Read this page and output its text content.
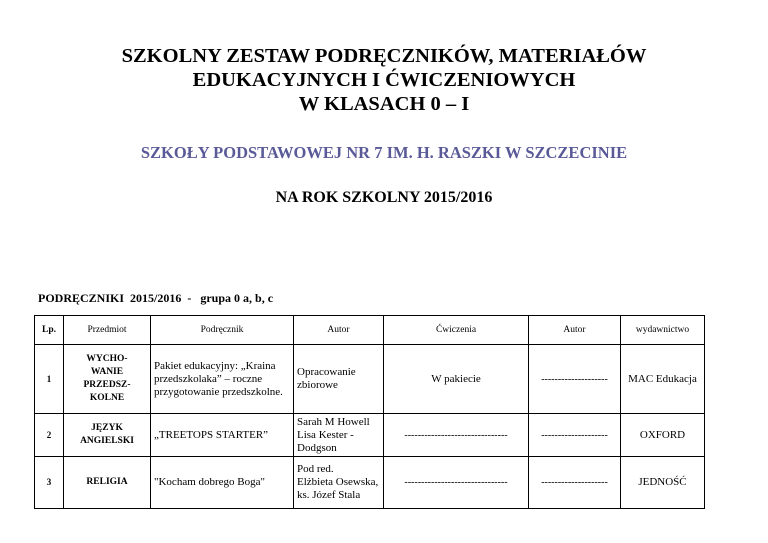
SZKOLNY ZESTAW PODRĘCZNIKÓW, MATERIAŁÓW
EDUKACYJNYCH I ĆWICZENIOWYCH
W KLASACH 0 – I
SZKOŁY PODSTAWOWEJ NR 7 IM. H. RASZKI W SZCZECINIE
NA ROK SZKOLNY 2015/2016
PODRĘCZNIKI  2015/2016  -   grupa 0 a, b, c
Lp.	Przedmiot	Podręcznik	Autor	Ćwiczenia	Autor	wydawnictwo
1	WYCHO-
WANIE
PRZEDSZ-
KOLNE	Pakiet edukacyjny: „Kraina przedszkolaka” – roczne przygotowanie przedszkolne.	Opracowanie zbiorowe	W pakiecie	--------------------	MAC Edukacja
2	JĘZYK
ANGIELSKI	„TREETOPS STARTER”	Sarah M Howell
Lisa Kester -
Dodgson	-------------------------------	--------------------	OXFORD
3	RELIGIA	"Kocham dobrego Boga"	Pod red.
Elżbieta Osewska,
ks. Józef Stala	-------------------------------	--------------------	JEDNOŚĆ
